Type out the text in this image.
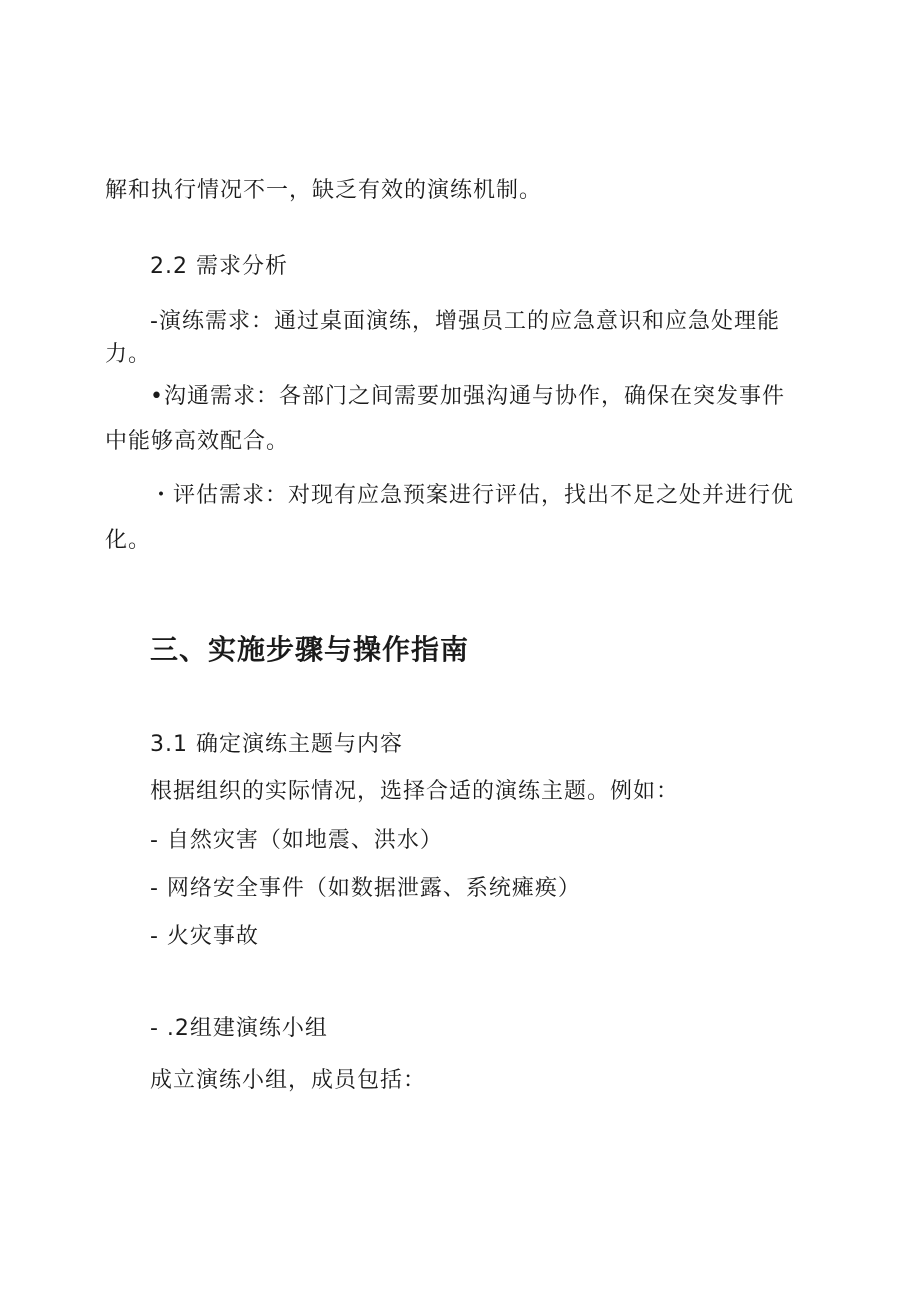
解和执行情况不一，缺乏有效的演练机制。
2.2 需求分析
-演练需求：通过桌面演练，增强员工的应急意识和应急处理能
力。
•沟通需求：各部门之间需要加强沟通与协作，确保在突发事件
中能够高效配合。
・评估需求：对现有应急预案进行评估，找出不足之处并进行优
化。
三、实施步骤与操作指南
3.1 确定演练主题与内容
根据组织的实际情况，选择合适的演练主题。例如：
- 自然灾害（如地震、洪水）
- 网络安全事件（如数据泄露、系统瘫痪）
- 火灾事故
- .2组建演练小组
成立演练小组，成员包括：
